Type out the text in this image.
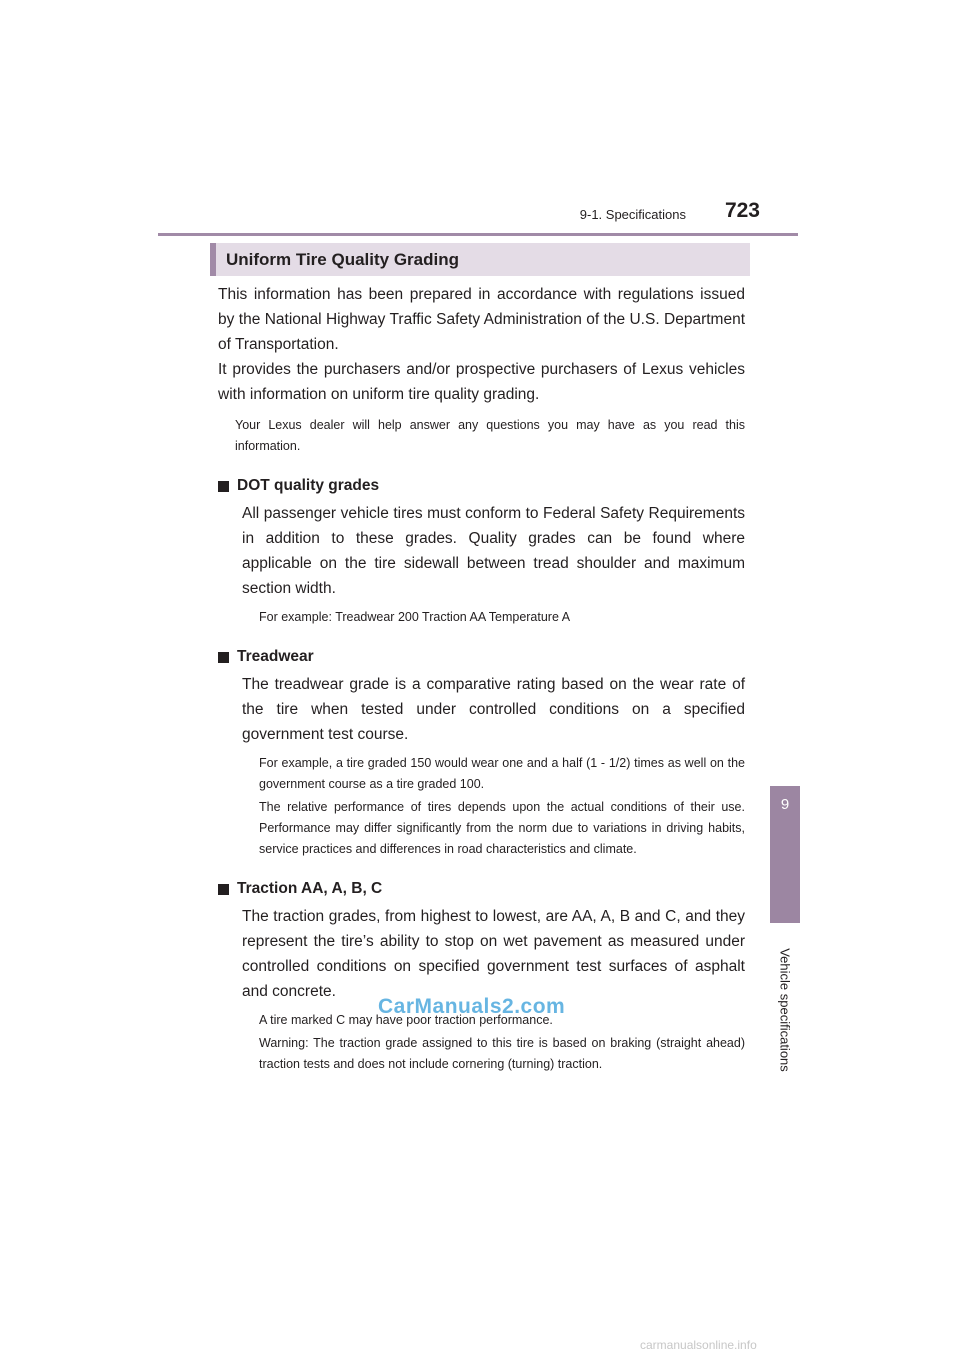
9-1. Specifications	723
9
Vehicle specifications
Uniform Tire Quality Grading

This information has been prepared in accordance with regulations issued by the National Highway Traffic Safety Administration of the U.S. Department of Transportation.

It provides the purchasers and/or prospective purchasers of Lexus vehicles with information on uniform tire quality grading.

Your Lexus dealer will help answer any questions you may have as you read this information.

DOT quality grades

All passenger vehicle tires must conform to Federal Safety Requirements in addition to these grades. Quality grades can be found where applicable on the tire sidewall between tread shoulder and maximum section width.

For example: Treadwear 200 Traction AA Temperature A

Treadwear

The treadwear grade is a comparative rating based on the wear rate of the tire when tested under controlled conditions on a specified government test course.

For example, a tire graded 150 would wear one and a half (1 - 1/2) times as well on the government course as a tire graded 100.

The relative performance of tires depends upon the actual conditions of their use. Performance may differ significantly from the norm due to variations in driving habits, service practices and differences in road characteristics and climate.

Traction AA, A, B, C

The traction grades, from highest to lowest, are AA, A, B and C, and they represent the tire’s ability to stop on wet pavement as measured under controlled conditions on specified government test surfaces of asphalt and concrete.

A tire marked C may have poor traction performance.

Warning: The traction grade assigned to this tire is based on braking (straight ahead) traction tests and does not include cornering (turning) traction.

CarManuals2.com
carmanualsonline.info
